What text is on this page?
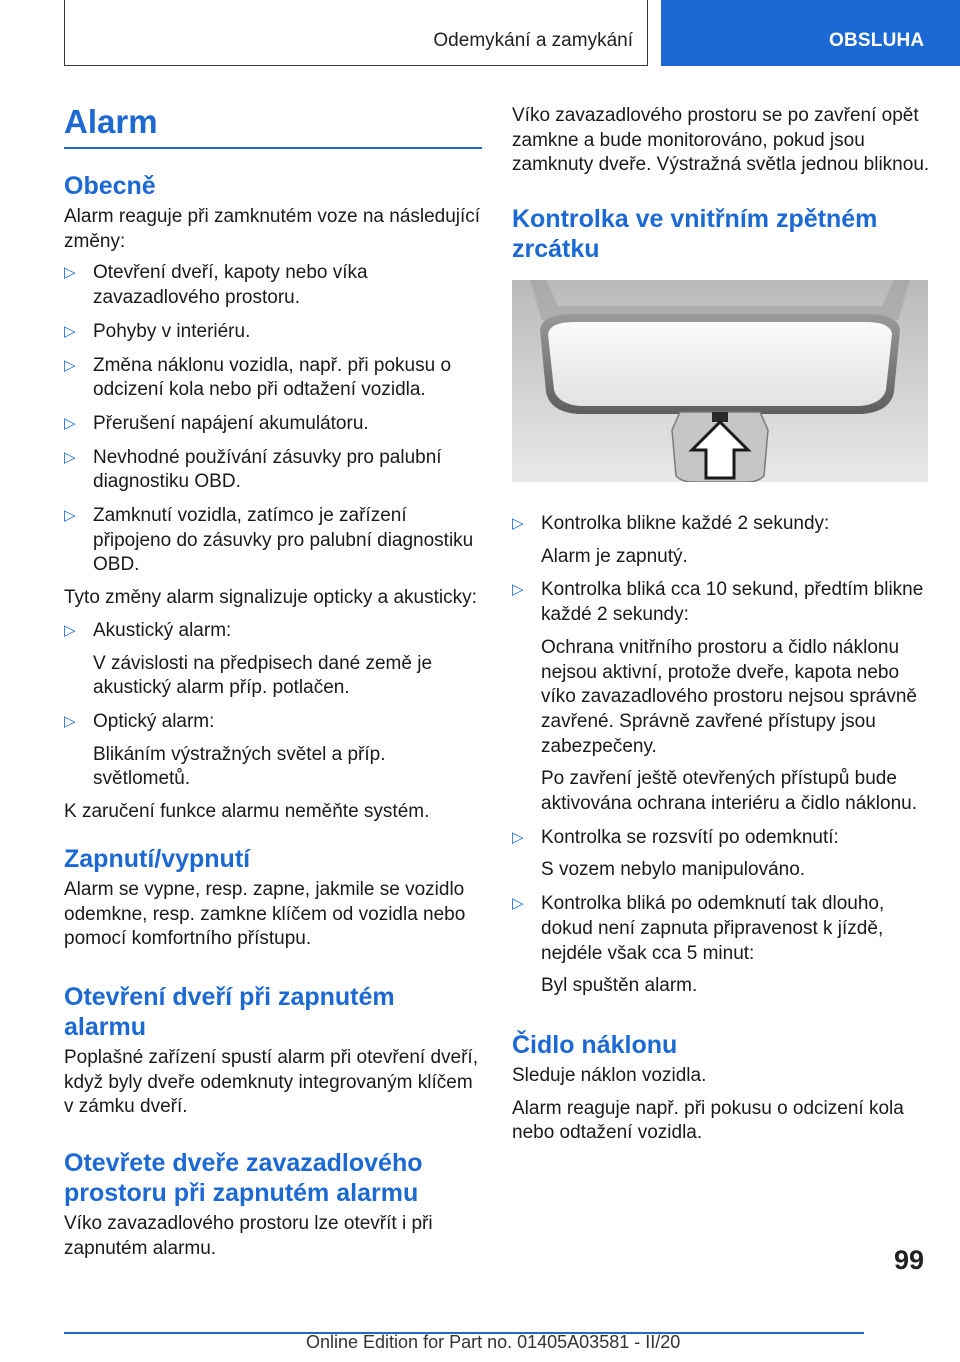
Odemykání a zamykání	OBSLUHA
Alarm
Obecně

Alarm reaguje při zamknutém voze na následující změny:

▷ Otevření dveří, kapoty nebo víka zavazadlového prostoru.
▷ Pohyby v interiéru.
▷ Změna náklonu vozidla, např. při pokusu o odcizení kola nebo při odtažení vozidla.
▷ Přerušení napájení akumulátoru.
▷ Nevhodné používání zásuvky pro palubní diagnostiku OBD.
▷ Zamknutí vozidla, zatímco je zařízení připojeno do zásuvky pro palubní diagnostiku OBD.

Tyto změny alarm signalizuje opticky a akusticky:

▷ Akustický alarm:
V závislosti na předpisech dané země je akustický alarm příp. potlačen.
▷ Optický alarm:
Blikáním výstražných světel a příp. světlometů.

K zaručení funkce alarmu neměňte systém.

Zapnutí/vypnutí

Alarm se vypne, resp. zapne, jakmile se vozidlo odemkne, resp. zamkne klíčem od vozidla nebo pomocí komfortního přístupu.

Otevření dveří při zapnutém alarmu

Poplašné zařízení spustí alarm při otevření dveří, když byly dveře odemknuty integrovaným klíčem v zámku dveří.

Otevřete dveře zavazadlového prostoru při zapnutém alarmu

Víko zavazadlového prostoru lze otevřít i při zapnutém alarmu.

Víko zavazadlového prostoru se po zavření opět zamkne a bude monitorováno, pokud jsou zamknuty dveře. Výstražná světla jednou bliknou.

Kontrolka ve vnitřním zpětném zrcátku
▷ Kontrolka blikne každé 2 sekundy:
Alarm je zapnutý.
▷ Kontrolka bliká cca 10 sekund, předtím blikne každé 2 sekundy:
Ochrana vnitřního prostoru a čidlo náklonu nejsou aktivní, protože dveře, kapota nebo víko zavazadlového prostoru nejsou správně zavřené. Správně zavřené přístupy jsou zabezpečeny.
Po zavření ještě otevřených přístupů bude aktivována ochrana interiéru a čidlo náklonu.
▷ Kontrolka se rozsvítí po odemknutí:
S vozem nebylo manipulováno.
▷ Kontrolka bliká po odemknutí tak dlouho, dokud není zapnuta připravenost k jízdě, nejdéle však cca 5 minut:
Byl spuštěn alarm.
Čidlo náklonu

Sleduje náklon vozidla.

Alarm reaguje např. při pokusu o odcizení kola nebo odtažení vozidla.

99
Online Edition for Part no. 01405A03581 - II/20
